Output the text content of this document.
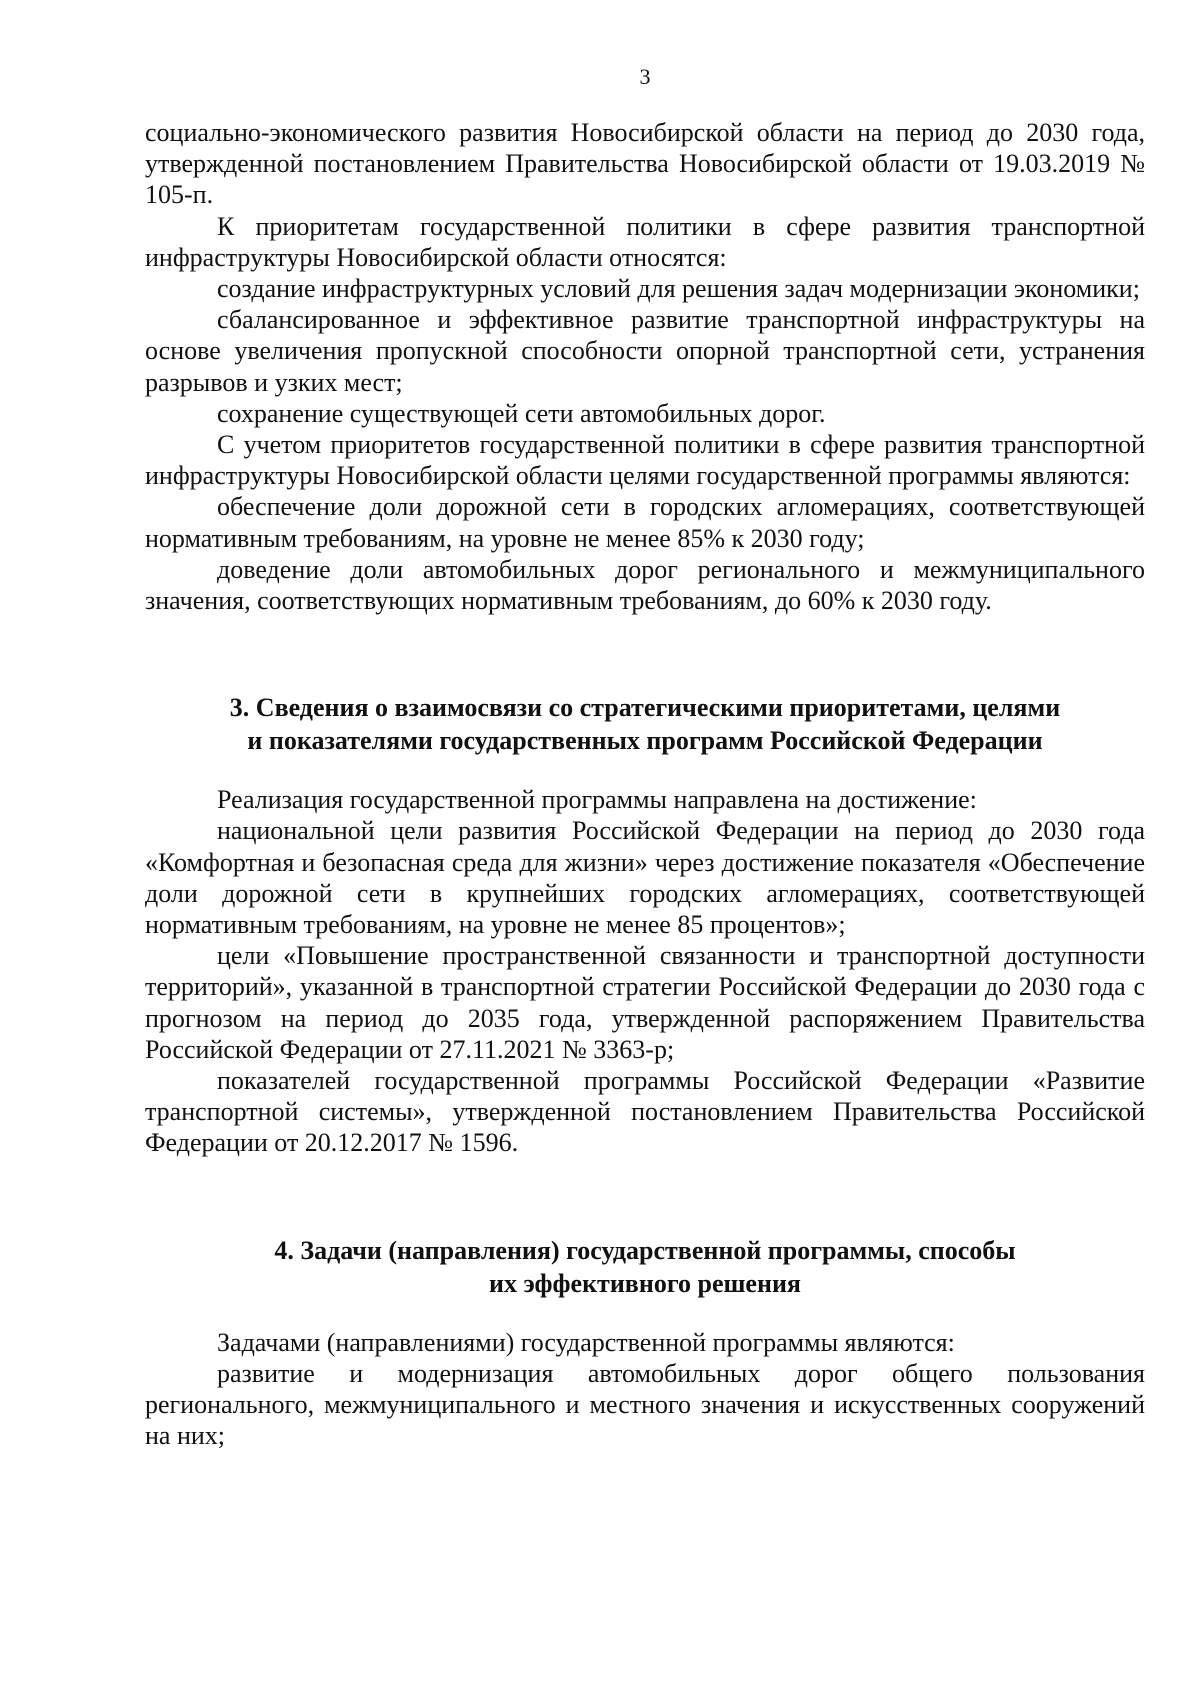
3

социально-экономического развития Новосибирской области на период до 2030 года, утвержденной постановлением Правительства Новосибирской области от 19.03.2019 № 105-п.

К приоритетам государственной политики в сфере развития транспортной инфраструктуры Новосибирской области относятся:

создание инфраструктурных условий для решения задач модернизации экономики;

сбалансированное и эффективное развитие транспортной инфраструктуры на основе увеличения пропускной способности опорной транспортной сети, устранения разрывов и узких мест;

сохранение существующей сети автомобильных дорог.

С учетом приоритетов государственной политики в сфере развития транспортной инфраструктуры Новосибирской области целями государственной программы являются:

обеспечение доли дорожной сети в городских агломерациях, соответствующей нормативным требованиям, на уровне не менее 85% к 2030 году;

доведение доли автомобильных дорог регионального и межмуниципального значения, соответствующих нормативным требованиям, до 60% к 2030 году.

3. Сведения о взаимосвязи со стратегическими приоритетами, целями
и показателями государственных программ Российской Федерации

Реализация государственной программы направлена на достижение:

национальной цели развития Российской Федерации на период до 2030 года «Комфортная и безопасная среда для жизни» через достижение показателя «Обеспечение доли дорожной сети в крупнейших городских агломерациях, соответствующей нормативным требованиям, на уровне не менее 85 процентов»;

цели «Повышение пространственной связанности и транспортной доступности территорий», указанной в транспортной стратегии Российской Федерации до 2030 года с прогнозом на период до 2035 года, утвержденной распоряжением Правительства Российской Федерации от 27.11.2021 № 3363-р;

показателей государственной программы Российской Федерации «Развитие транспортной системы», утвержденной постановлением Правительства Российской Федерации от 20.12.2017 № 1596.

4. Задачи (направления) государственной программы, способы
их эффективного решения

Задачами (направлениями) государственной программы являются:

развитие и модернизация автомобильных дорог общего пользования регионального, межмуниципального и местного значения и искусственных сооружений на них;
